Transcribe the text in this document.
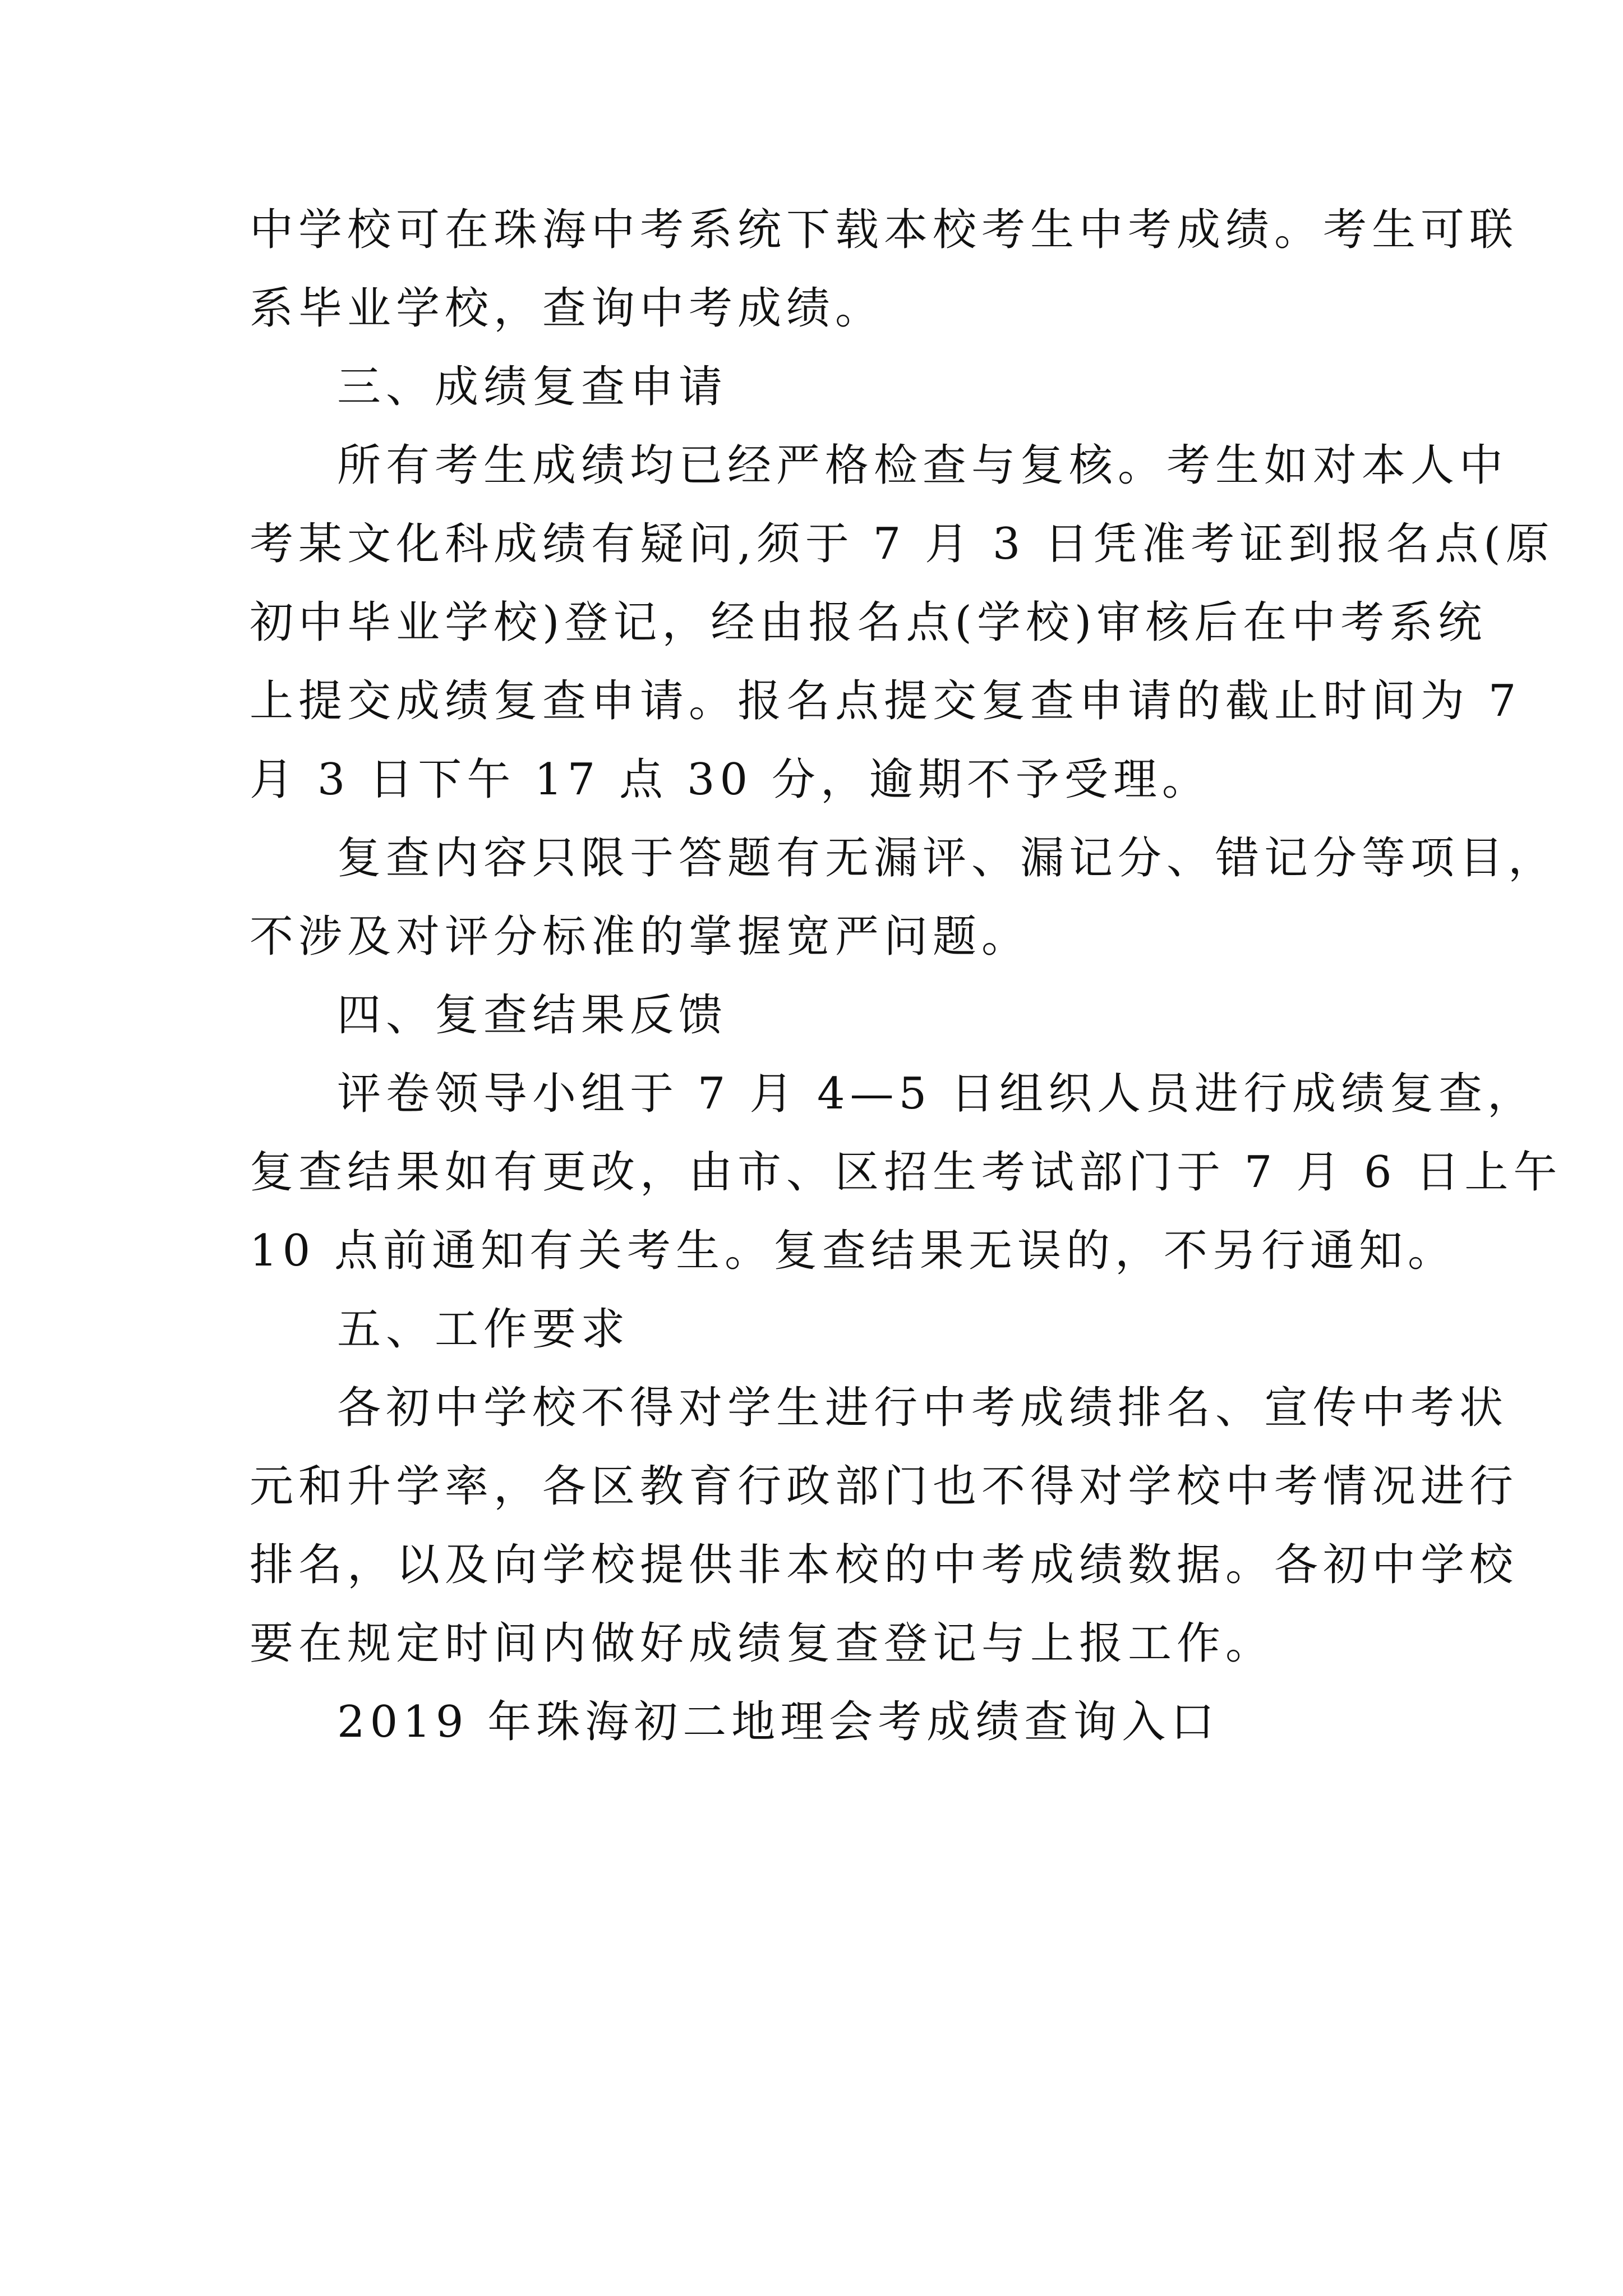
中学校可在珠海中考系统下载本校考生中考成绩。考生可联
系毕业学校，查询中考成绩。
三、成绩复查申请
所有考生成绩均已经严格检查与复核。考生如对本人中
考某文化科成绩有疑问,须于 7 月 3 日凭准考证到报名点(原
初中毕业学校)登记，经由报名点(学校)审核后在中考系统
上提交成绩复查申请。报名点提交复查申请的截止时间为 7
月 3 日下午 17 点 30 分，逾期不予受理。
复查内容只限于答题有无漏评、漏记分、错记分等项目，
不涉及对评分标准的掌握宽严问题。
四、复查结果反馈
评卷领导小组于 7 月 4—5 日组织人员进行成绩复查，
复查结果如有更改，由市、区招生考试部门于 7 月 6 日上午
10 点前通知有关考生。复查结果无误的，不另行通知。
五、工作要求
各初中学校不得对学生进行中考成绩排名、宣传中考状
元和升学率，各区教育行政部门也不得对学校中考情况进行
排名，以及向学校提供非本校的中考成绩数据。各初中学校
要在规定时间内做好成绩复查登记与上报工作。
2019 年珠海初二地理会考成绩查询入口
